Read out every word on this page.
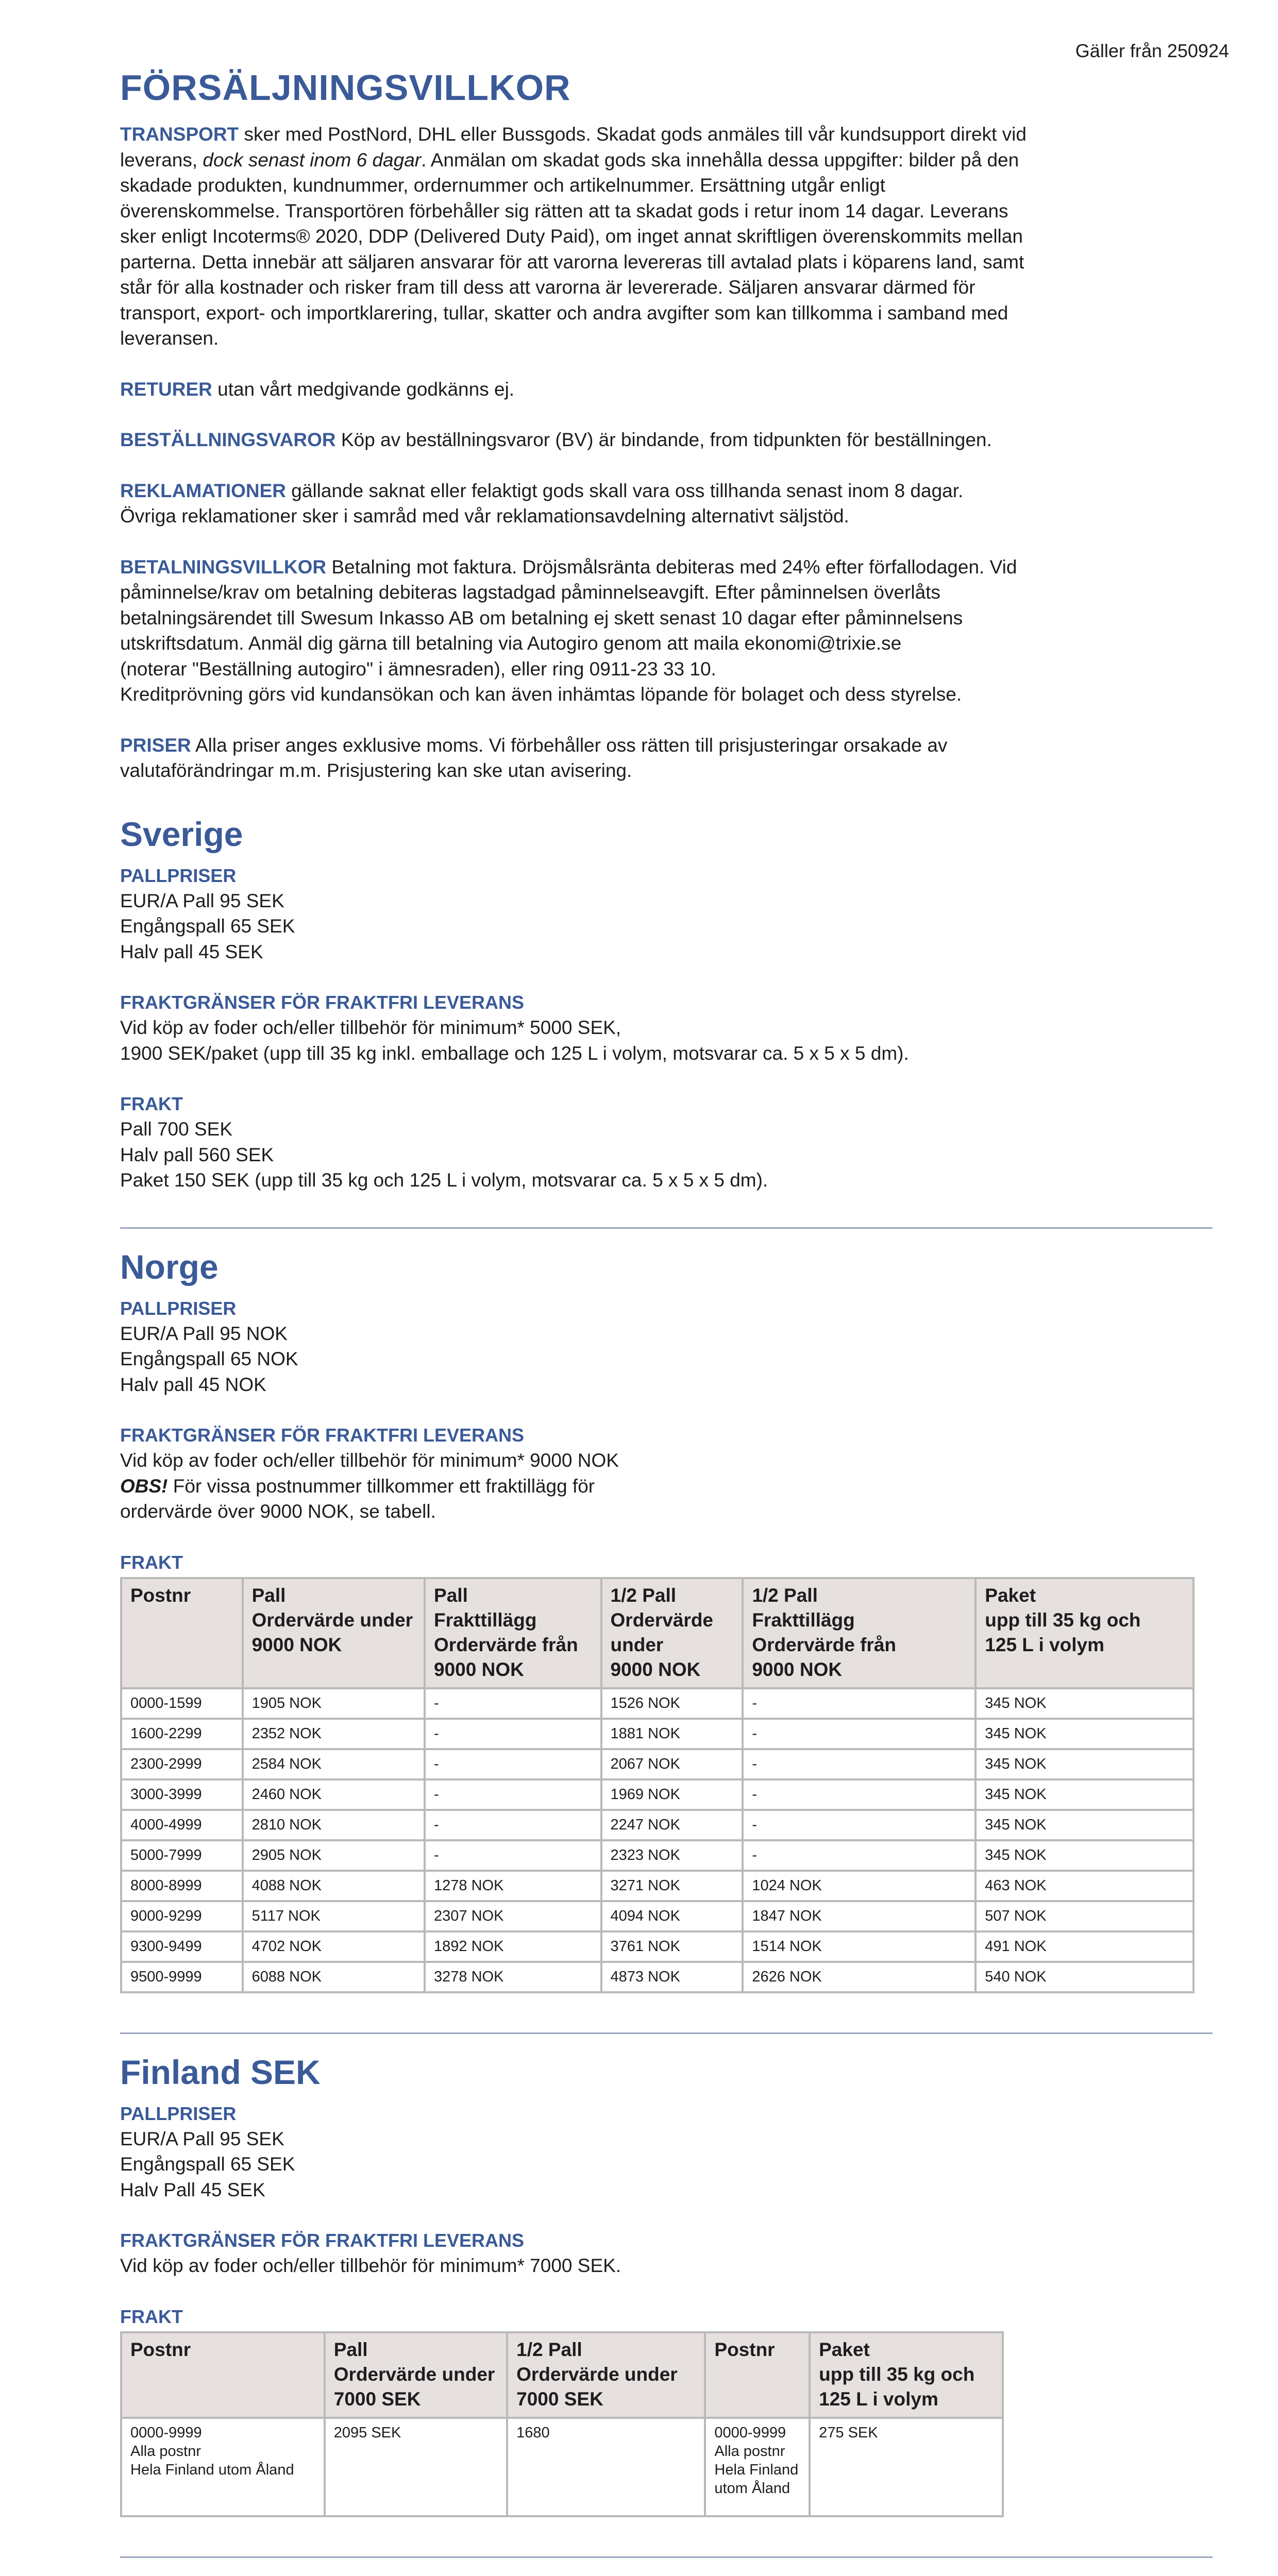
Gäller från 250924
FÖRSÄLJNINGSVILLKOR

TRANSPORT sker med PostNord, DHL eller Bussgods. Skadat gods anmäles till vår kundsupport direkt vid leverans, dock senast inom 6 dagar. Anmälan om skadat gods ska innehålla dessa uppgifter: bilder på den skadade produkten, kundnummer, ordernummer och artikelnummer. Ersättning utgår enligt överenskommelse. Transportören förbehåller sig rätten att ta skadat gods i retur inom 14 dagar. Leverans sker enligt Incoterms® 2020, DDP (Delivered Duty Paid), om inget annat skriftligen överenskommits mellan parterna. Detta innebär att säljaren ansvarar för att varorna levereras till avtalad plats i köparens land, samt står för alla kostnader och risker fram till dess att varorna är levererade. Säljaren ansvarar därmed för transport, export- och importklarering, tullar, skatter och andra avgifter som kan tillkomma i samband med leveransen.

RETURER utan vårt medgivande godkänns ej.

BESTÄLLNINGSVAROR Köp av beställningsvaror (BV) är bindande, from tidpunkten för beställningen.

REKLAMATIONER gällande saknat eller felaktigt gods skall vara oss tillhanda senast inom 8 dagar.
Övriga reklamationer sker i samråd med vår reklamationsavdelning alternativt säljstöd.

BETALNINGSVILLKOR Betalning mot faktura. Dröjsmålsränta debiteras med 24% efter förfallodagen. Vid påminnelse/krav om betalning debiteras lagstadgad påminnelseavgift. Efter påminnelsen överlåts betalningsärendet till Swesum Inkasso AB om betalning ej skett senast 10 dagar efter påminnelsens utskriftsdatum. Anmäl dig gärna till betalning via Autogiro genom att maila ekonomi@trixie.se
(noterar "Beställning autogiro" i ämnesraden), eller ring 0911-23 33 10.
Kreditprövning görs vid kundansökan och kan även inhämtas löpande för bolaget och dess styrelse.

PRISER Alla priser anges exklusive moms. Vi förbehåller oss rätten till prisjusteringar orsakade av valutaförändringar m.m. Prisjustering kan ske utan avisering.

Sverige
PALLPRISER
EUR/A Pall 95 SEK
Engångspall 65 SEK
Halv pall 45 SEK
FRAKTGRÄNSER FÖR FRAKTFRI LEVERANS
Vid köp av foder och/eller tillbehör för minimum* 5000 SEK,
1900 SEK/paket (upp till 35 kg inkl. emballage och 125 L i volym, motsvarar ca. 5 x 5 x 5 dm).
FRAKT
Pall 700 SEK
Halv pall 560 SEK
Paket 150 SEK (upp till 35 kg och 125 L i volym, motsvarar ca. 5 x 5 x 5 dm).
Norge
PALLPRISER
EUR/A Pall 95 NOK
Engångspall 65 NOK
Halv pall 45 NOK
FRAKTGRÄNSER FÖR FRAKTFRI LEVERANS
Vid köp av foder och/eller tillbehör för minimum* 9000 NOK
OBS! För vissa postnummer tillkommer ett fraktillägg för
ordervärde över 9000 NOK, se tabell.
FRAKT
Postnr	Pall
Ordervärde under
9000 NOK	Pall
Frakttillägg
Ordervärde från
9000 NOK	1/2 Pall
Ordervärde
under
9000 NOK	1/2 Pall
Frakttillägg
Ordervärde från
9000 NOK	Paket
upp till 35 kg och
125 L i volym
0000-1599	1905 NOK	-	1526 NOK	-	345 NOK
1600-2299	2352 NOK	-	1881 NOK	-	345 NOK
2300-2999	2584 NOK	-	2067 NOK	-	345 NOK
3000-3999	2460 NOK	-	1969 NOK	-	345 NOK
4000-4999	2810 NOK	-	2247 NOK	-	345 NOK
5000-7999	2905 NOK	-	2323 NOK	-	345 NOK
8000-8999	4088 NOK	1278 NOK	3271 NOK	1024 NOK	463 NOK
9000-9299	5117 NOK	2307 NOK	4094 NOK	1847 NOK	507 NOK
9300-9499	4702 NOK	1892 NOK	3761 NOK	1514 NOK	491 NOK
9500-9999	6088 NOK	3278 NOK	4873 NOK	2626 NOK	540 NOK
Finland SEK
PALLPRISER
EUR/A Pall 95 SEK
Engångspall 65 SEK
Halv Pall 45 SEK
FRAKTGRÄNSER FÖR FRAKTFRI LEVERANS
Vid köp av foder och/eller tillbehör för minimum* 7000 SEK.
FRAKT
Postnr	Pall
Ordervärde under
7000 SEK	1/2 Pall
Ordervärde under
7000 SEK	Postnr	Paket
upp till 35 kg och
125 L i volym
0000-9999
Alla postnr
Hela Finland utom Åland	2095 SEK	1680	0000-9999
Alla postnr
Hela Finland
utom Åland	275 SEK
